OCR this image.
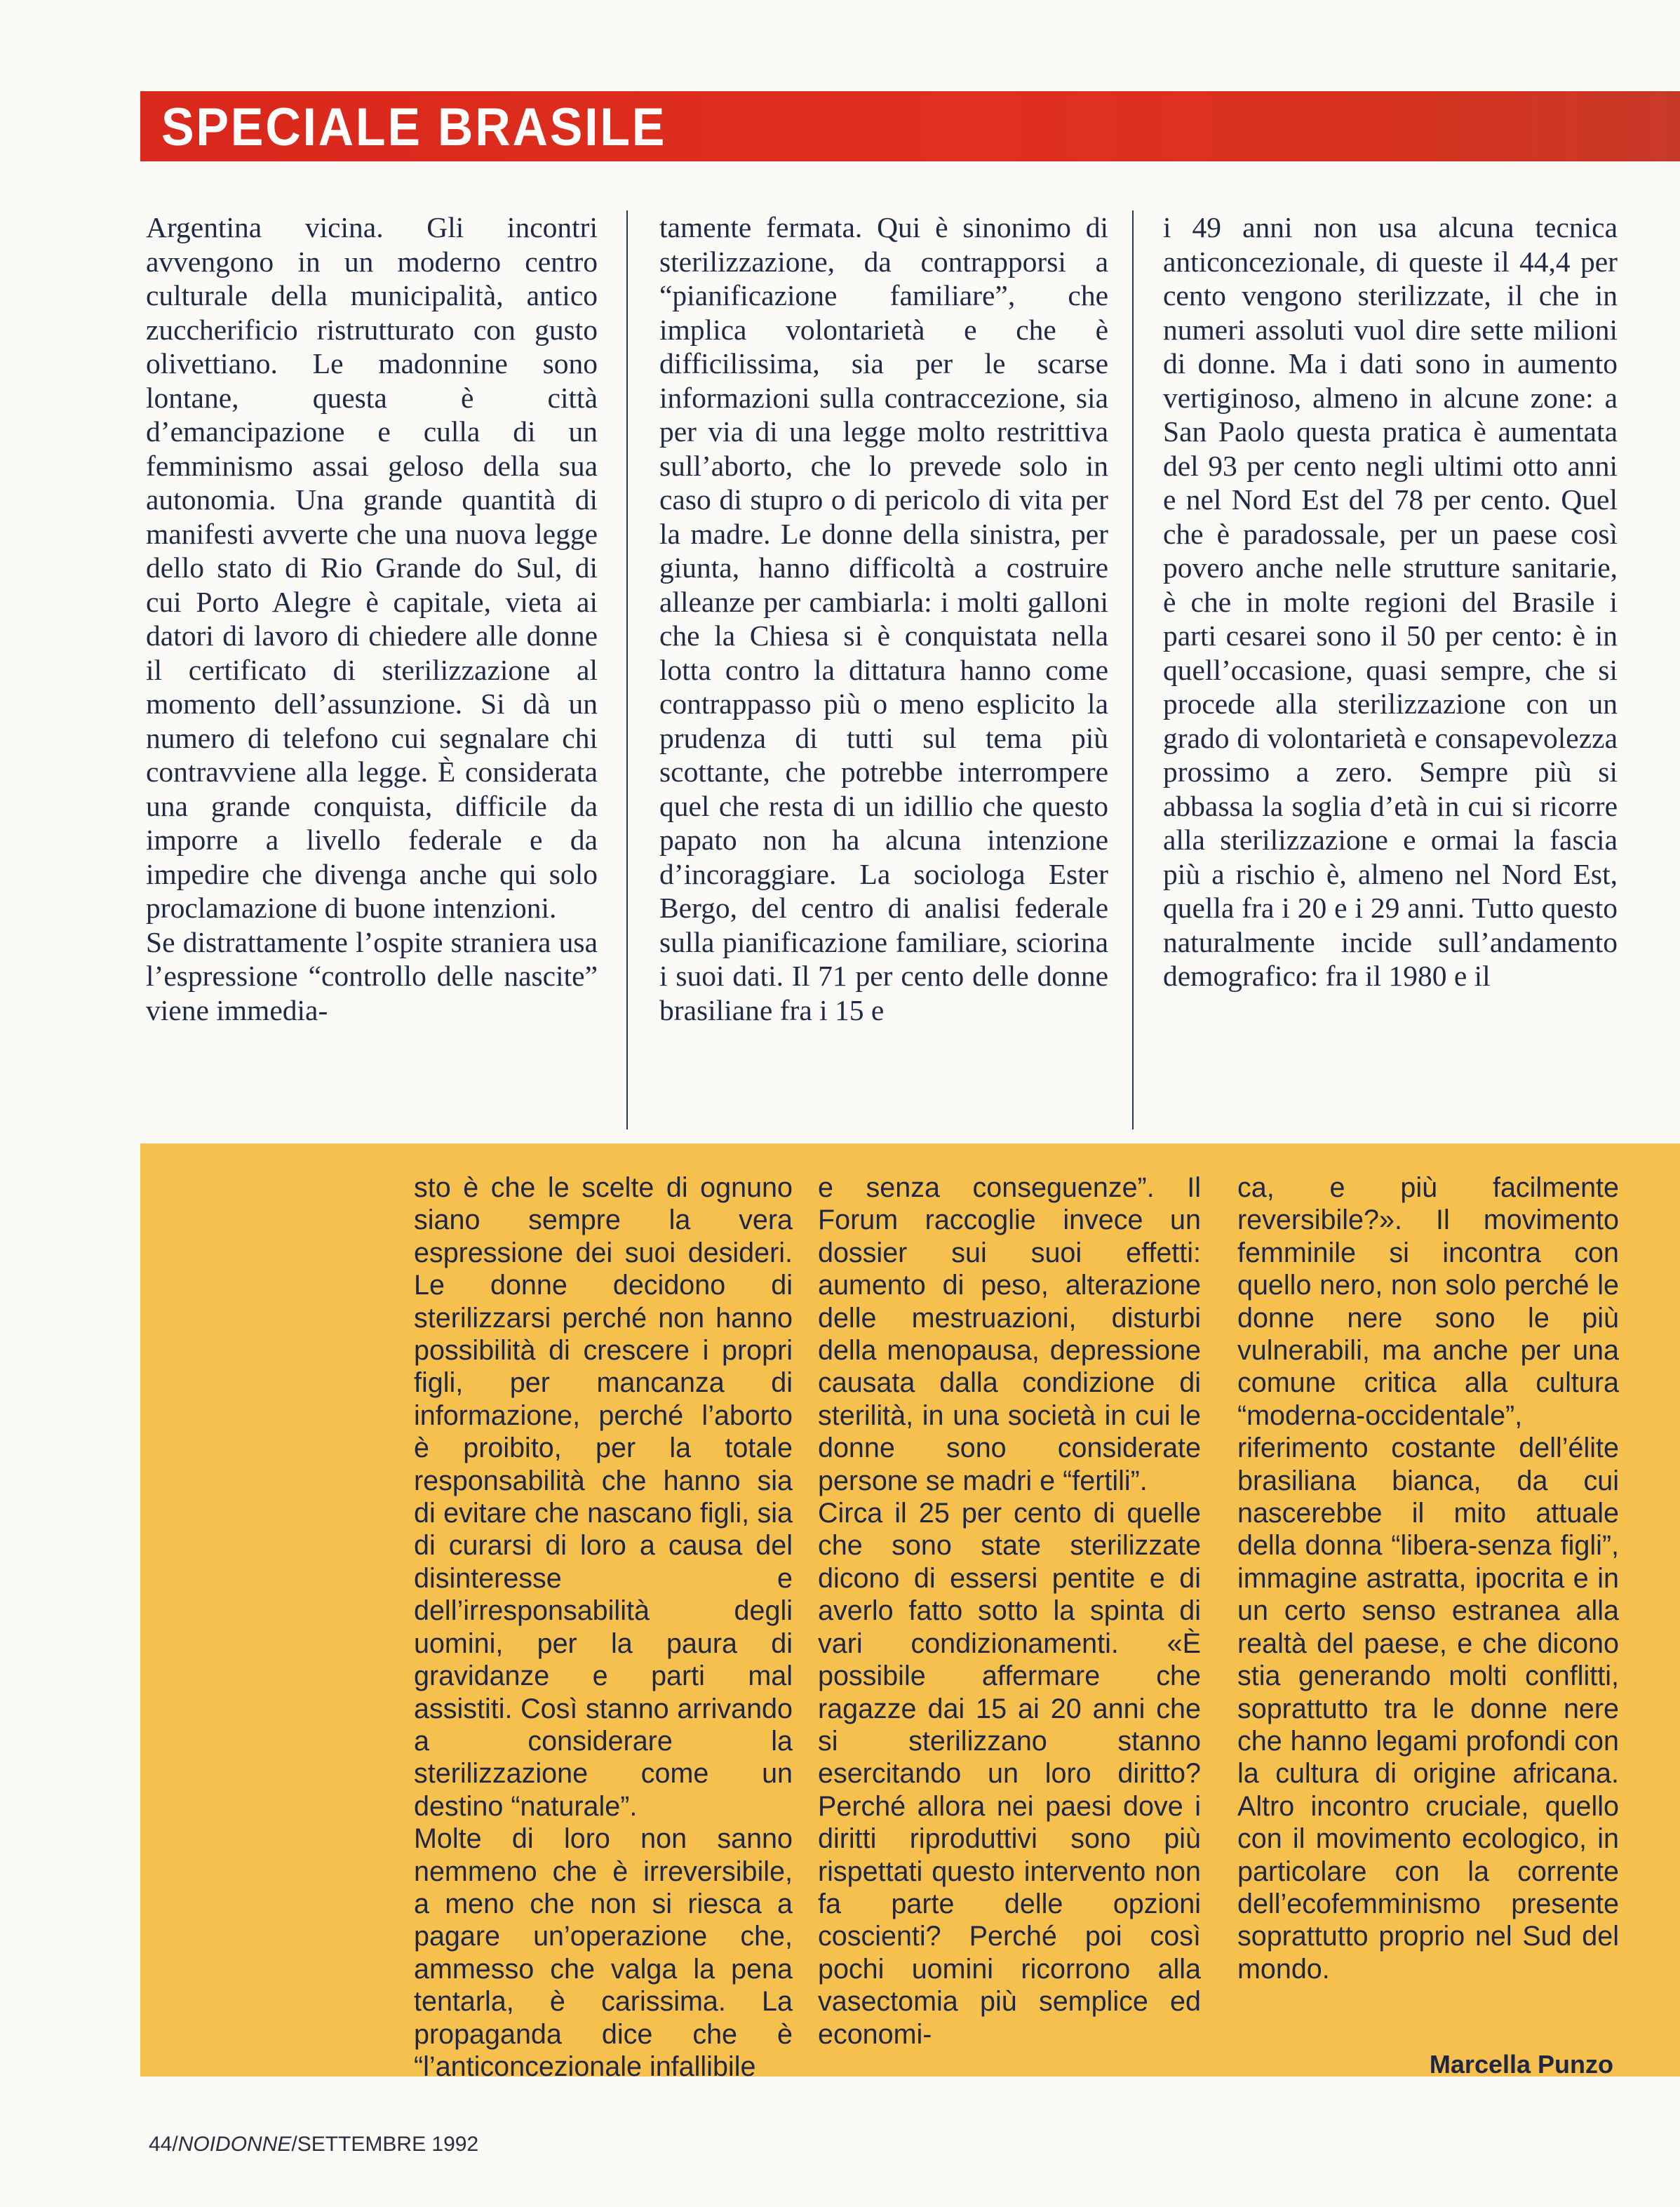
SPECIALE BRASILE

Argentina vicina. Gli incontri avvengono in un moderno centro culturale della municipalità, antico zuccherificio ristrutturato con gusto olivettiano. Le madonnine sono lontane, questa è città d’emancipazione e culla di un femminismo assai geloso della sua autonomia. Una grande quantità di manifesti avverte che una nuova legge dello stato di Rio Grande do Sul, di cui Porto Alegre è capitale, vieta ai datori di lavoro di chiedere alle donne il certificato di sterilizzazione al momento dell’assunzione. Si dà un numero di telefono cui segnalare chi contravviene alla legge. È considerata una grande conquista, difficile da imporre a livello federale e da impedire che divenga anche qui solo proclamazione di buone intenzioni.

Se distrattamente l’ospite straniera usa l’espressione “controllo delle nascite” viene immedia-

tamente fermata. Qui è sinonimo di sterilizzazione, da contrapporsi a “pianificazione familiare”, che implica volontarietà e che è difficilissima, sia per le scarse informazioni sulla contraccezione, sia per via di una legge molto restrittiva sull’aborto, che lo prevede solo in caso di stupro o di pericolo di vita per la madre. Le donne della sinistra, per giunta, hanno difficoltà a costruire alleanze per cambiarla: i molti galloni che la Chiesa si è conquistata nella lotta contro la dittatura hanno come contrappasso più o meno esplicito la prudenza di tutti sul tema più scottante, che potrebbe interrompere quel che resta di un idillio che questo papato non ha alcuna intenzione d’incoraggiare. La sociologa Ester Bergo, del centro di analisi federale sulla pianificazione familiare, sciorina i suoi dati. Il 71 per cento delle donne brasiliane fra i 15 e

i 49 anni non usa alcuna tecnica anticoncezionale, di queste il 44,4 per cento vengono sterilizzate, il che in numeri assoluti vuol dire sette milioni di donne. Ma i dati sono in aumento vertiginoso, almeno in alcune zone: a San Paolo questa pratica è aumentata del 93 per cento negli ultimi otto anni e nel Nord Est del 78 per cento. Quel che è paradossale, per un paese così povero anche nelle strutture sanitarie, è che in molte regioni del Brasile i parti cesarei sono il 50 per cento: è in quell’occasione, quasi sempre, che si procede alla sterilizzazione con un grado di volontarietà e consapevolezza prossimo a zero. Sempre più si abbassa la soglia d’età in cui si ricorre alla sterilizzazione e ormai la fascia più a rischio è, almeno nel Nord Est, quella fra i 20 e i 29 anni. Tutto questo naturalmente incide sull’andamento demografico: fra il 1980 e il

sto è che le scelte di ognuno siano sempre la vera espressione dei suoi desideri. Le donne decidono di sterilizzarsi perché non hanno possibilità di crescere i propri figli, per mancanza di informazione, perché l’aborto è proibito, per la totale responsabilità che hanno sia di evitare che nascano figli, sia di curarsi di loro a causa del disinteresse e dell’irresponsabilità degli uomini, per la paura di gravidanze e parti mal assistiti. Così stanno arrivando a considerare la sterilizzazione come un destino “naturale”.

Molte di loro non sanno nemmeno che è irreversibile, a meno che non si riesca a pagare un’operazione che, ammesso che valga la pena tentarla, è carissima. La propaganda dice che è “l’anticoncezionale infallibile

e senza conseguenze”. Il Forum raccoglie invece un dossier sui suoi effetti: aumento di peso, alterazione delle mestruazioni, disturbi della menopausa, depressione causata dalla condizione di sterilità, in una società in cui le donne sono considerate persone se madri e “fertili”.

Circa il 25 per cento di quelle che sono state sterilizzate dicono di essersi pentite e di averlo fatto sotto la spinta di vari condizionamenti. «È possibile affermare che ragazze dai 15 ai 20 anni che si sterilizzano stanno esercitando un loro diritto? Perché allora nei paesi dove i diritti riproduttivi sono più rispettati questo intervento non fa parte delle opzioni coscienti? Perché poi così pochi uomini ricorrono alla vasectomia più semplice ed economi-

ca, e più facilmente reversibile?». Il movimento femminile si incontra con quello nero, non solo perché le donne nere sono le più vulnerabili, ma anche per una comune critica alla cultura “moderna-occidentale”, riferimento costante dell’élite brasiliana bianca, da cui nascerebbe il mito attuale della donna “libera-senza figli”, immagine astratta, ipocrita e in un certo senso estranea alla realtà del paese, e che dicono stia generando molti conflitti, soprattutto tra le donne nere che hanno legami profondi con la cultura di origine africana. Altro incontro cruciale, quello con il movimento ecologico, in particolare con la corrente dell’ecofemminismo presente soprattutto proprio nel Sud del mondo.

Marcella Punzo
44/NOIDONNE/SETTEMBRE 1992
